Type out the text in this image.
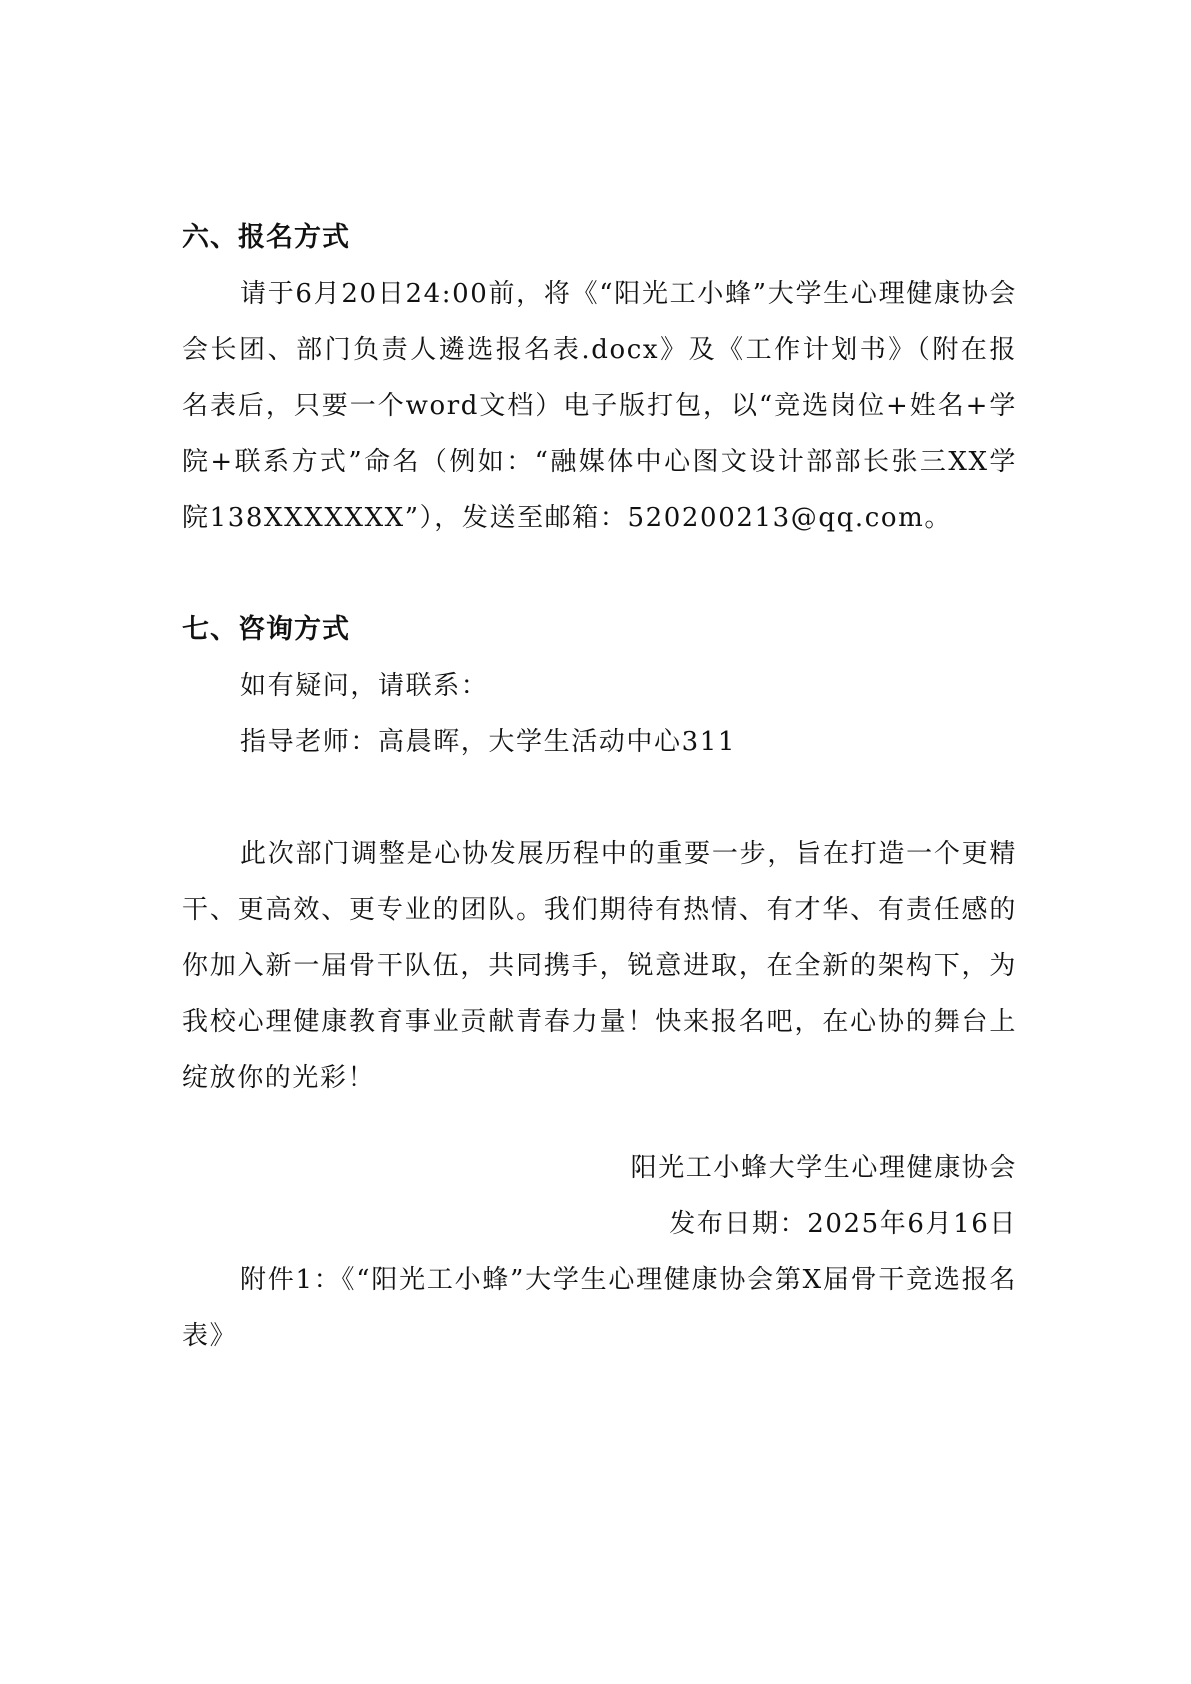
六、报名方式

请于6月20日24:00前，将《“阳光工小蜂”大学生心理健康协会会长团、部门负责人遴选报名表.docx》及《工作计划书》（附在报名表后，只要一个word文档）电子版打包，以“竞选岗位+姓名+学院+联系方式”命名（例如：“融媒体中心图文设计部部长张三XX学院138XXXXXXX”），发送至邮箱：520200213@qq.com。

七、咨询方式

如有疑问，请联系：

指导老师：高晨晖，大学生活动中心311

此次部门调整是心协发展历程中的重要一步，旨在打造一个更精干、更高效、更专业的团队。我们期待有热情、有才华、有责任感的你加入新一届骨干队伍，共同携手，锐意进取，在全新的架构下，为我校心理健康教育事业贡献青春力量！快来报名吧，在心协的舞台上绽放你的光彩！

阳光工小蜂大学生心理健康协会

发布日期：2025年6月16日

附件1：《“阳光工小蜂”大学生心理健康协会第X届骨干竞选报名表》
